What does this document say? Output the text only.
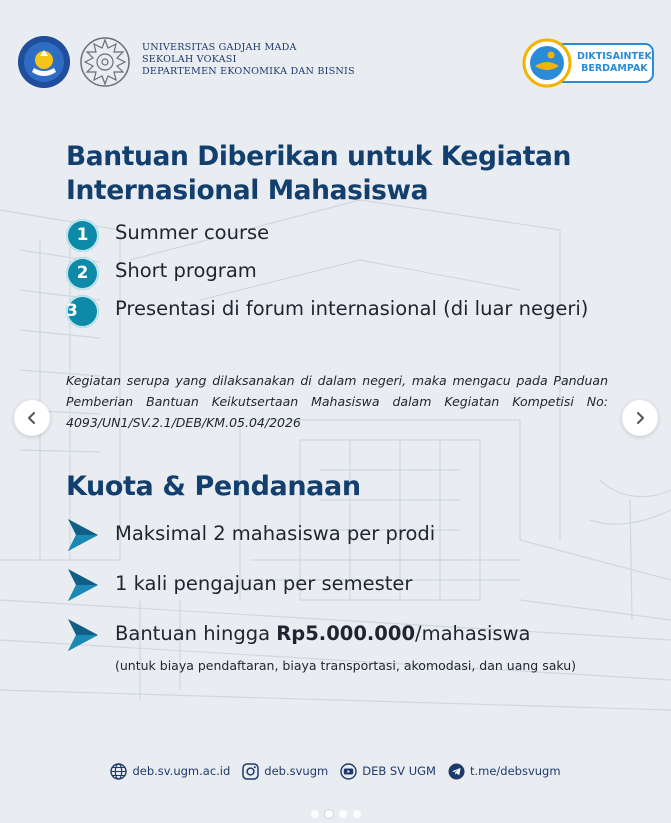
UNIVERSITAS GADJAH MADA
SEKOLAH VOKASI
DEPARTEMEN EKONOMIKA DAN BISNIS
DIKTISAINTEK
BERDAMPAK
Bantuan Diberikan untuk Kegiatan Internasional Mahasiswa
1	Summer course
2	Short program
3	Presentasi di forum internasional (di luar negeri)

Kegiatan serupa yang dilaksanakan di dalam negeri, maka mengacu pada Panduan Pemberian Bantuan Keikutsertaan Mahasiswa dalam Kegiatan Kompetisi No: 4093/UN1/SV.2.1/DEB/KM.05.04/2026

Kuota & Pendanaan
Maksimal 2 mahasiswa per prodi
1 kali pengajuan per semester
Bantuan hingga Rp5.000.000/mahasiswa

(untuk biaya pendaftaran, biaya transportasi, akomodasi, dan uang saku)

deb.sv.ugm.ac.id	deb.svugm	DEB SV UGM	t.me/debsvugm
